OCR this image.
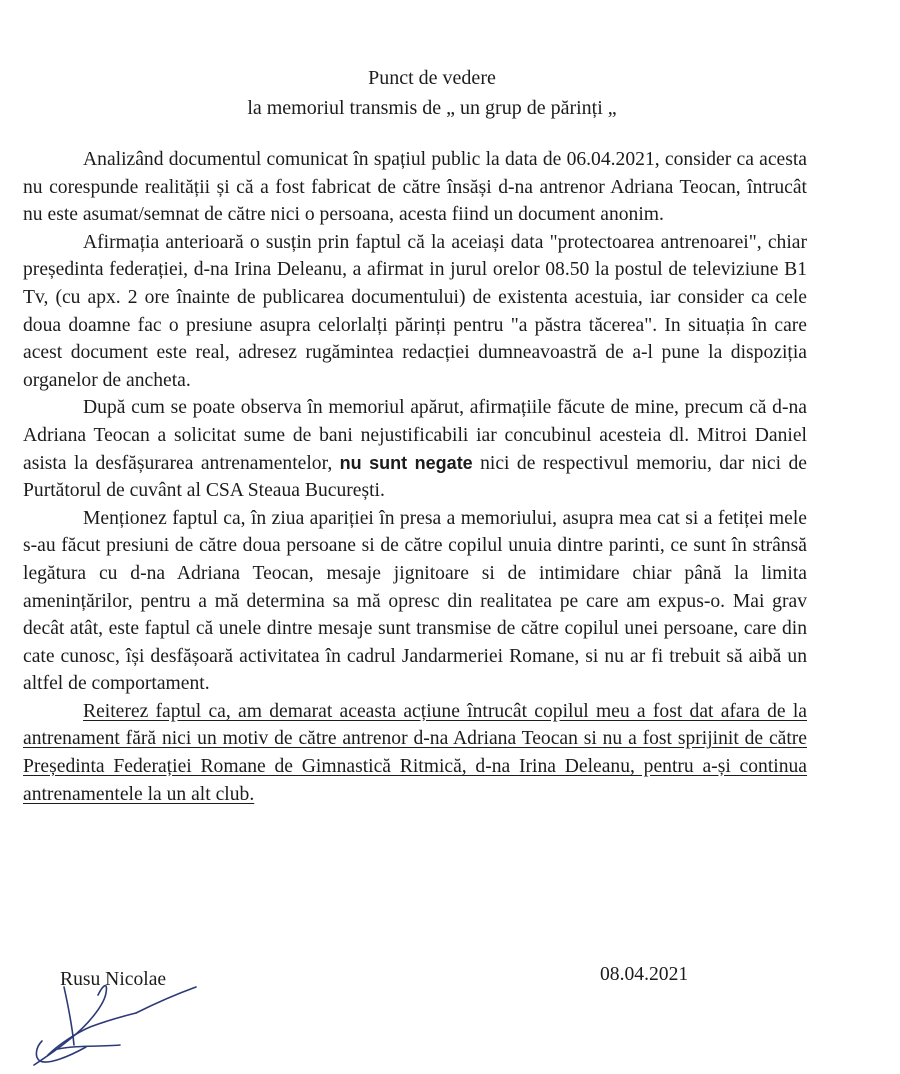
Punct de vedere
la memoriul transmis de „ un grup de părinți „

Analizând documentul comunicat în spațiul public la data de 06.04.2021, consider ca acesta nu corespunde realității și că a fost fabricat de către însăși d-na antrenor Adriana Teocan, întrucât nu este asumat/semnat de către nici o persoana, acesta fiind un document anonim.

Afirmația anterioară o susțin prin faptul că la aceiași data "protectoarea antrenoarei", chiar președinta federației, d-na Irina Deleanu, a afirmat in jurul orelor 08.50 la postul de televiziune B1 Tv, (cu apx. 2 ore înainte de publicarea documentului) de existenta acestuia, iar consider ca cele doua doamne fac o presiune asupra celorlalți părinți pentru "a păstra tăcerea". In situația în care acest document este real, adresez rugămintea redacției dumneavoastră de a-l pune la dispoziția organelor de ancheta.

După cum se poate observa în memoriul apărut, afirmațiile făcute de mine, precum că d-na Adriana Teocan a solicitat sume de bani nejustificabili iar concubinul acesteia dl. Mitroi Daniel asista la desfășurarea antrenamentelor, nu sunt negate nici de respectivul memoriu, dar nici de Purtătorul de cuvânt al CSA Steaua București.

Menționez faptul ca, în ziua apariției în presa a memoriului, asupra mea cat si a fetiței mele s-au făcut presiuni de către doua persoane si de către copilul unuia dintre parinti, ce sunt în strânsă legătura cu d-na Adriana Teocan, mesaje jignitoare si de intimidare chiar până la limita amenințărilor, pentru a mă determina sa mă opresc din realitatea pe care am expus-o. Mai grav decât atât, este faptul că unele dintre mesaje sunt transmise de către copilul unei persoane, care din cate cunosc, își desfășoară activitatea în cadrul Jandarmeriei Romane, si nu ar fi trebuit să aibă un altfel de comportament.

Reiterez faptul ca, am demarat aceasta acțiune întrucât copilul meu a fost dat afara de la antrenament fără nici un motiv de către antrenor d-na Adriana Teocan si nu a fost sprijinit de către Președinta Federației Romane de Gimnastică Ritmică, d-na Irina Deleanu, pentru a-și continua antrenamentele la un alt club.

Rusu Nicolae	08.04.2021
